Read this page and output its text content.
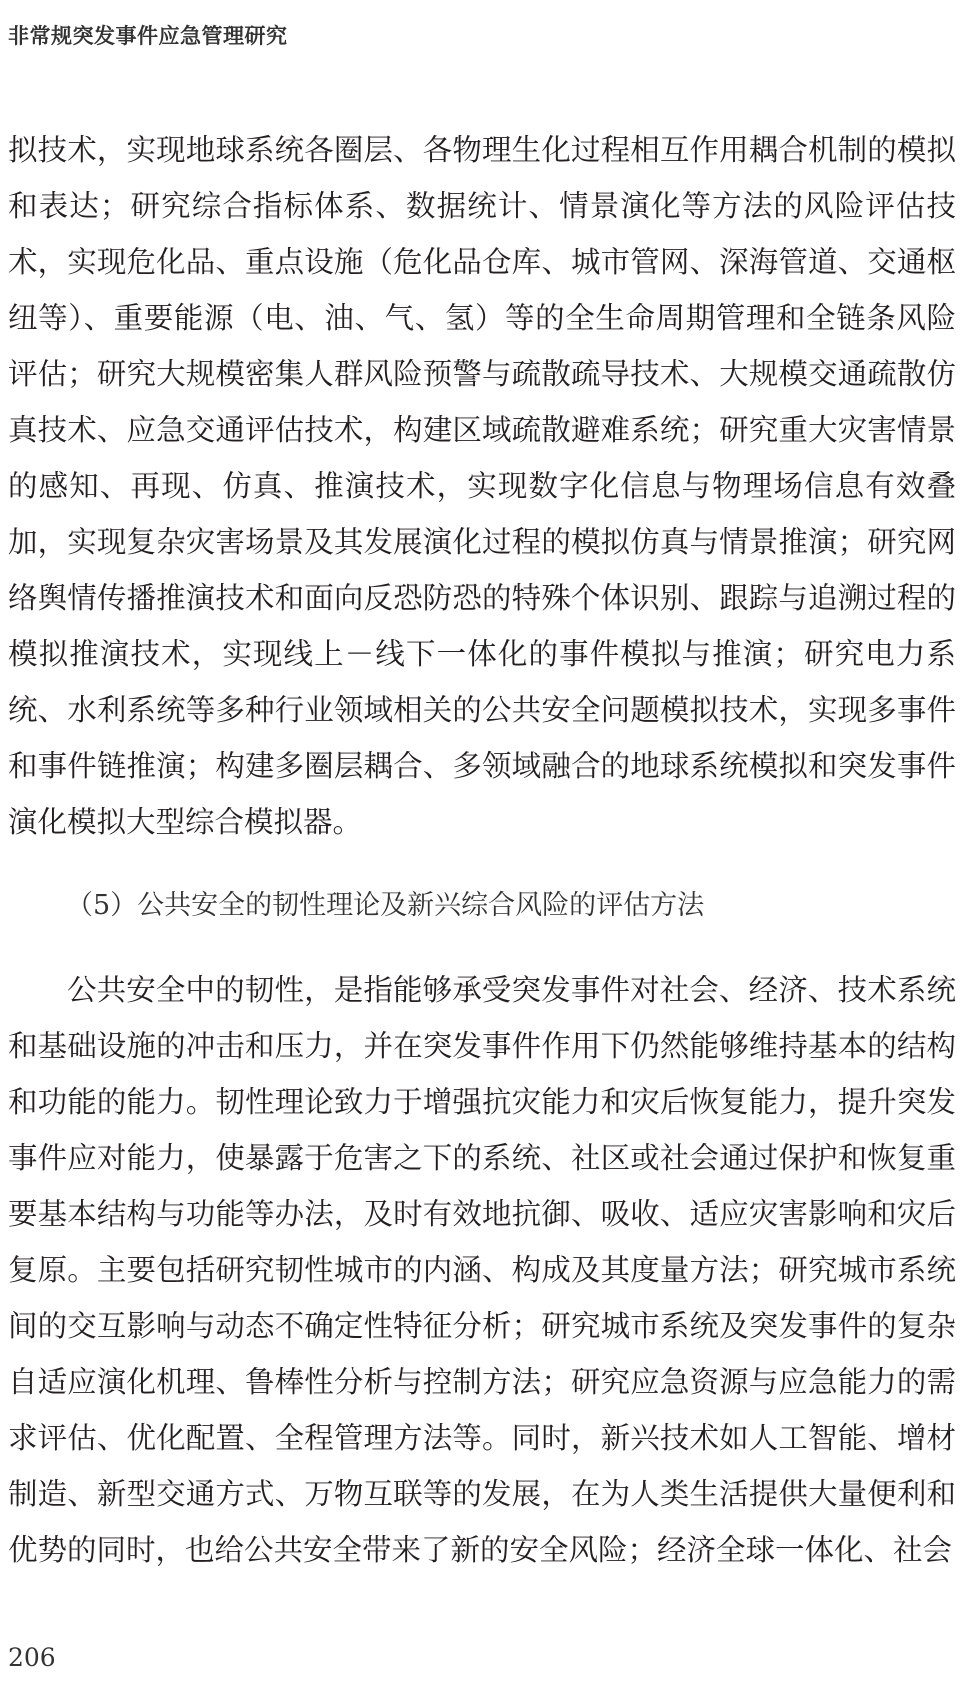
非常规突发事件应急管理研究

拟技术，实现地球系统各圈层、各物理生化过程相互作用耦合机制的模拟和表达；研究综合指标体系、数据统计、情景演化等方法的风险评估技术，实现危化品、重点设施（危化品仓库、城市管网、深海管道、交通枢纽等）、重要能源（电、油、气、氢）等的全生命周期管理和全链条风险评估；研究大规模密集人群风险预警与疏散疏导技术、大规模交通疏散仿真技术、应急交通评估技术，构建区域疏散避难系统；研究重大灾害情景的感知、再现、仿真、推演技术，实现数字化信息与物理场信息有效叠加，实现复杂灾害场景及其发展演化过程的模拟仿真与情景推演；研究网络舆情传播推演技术和面向反恐防恐的特殊个体识别、跟踪与追溯过程的模拟推演技术，实现线上－线下一体化的事件模拟与推演；研究电力系统、水利系统等多种行业领域相关的公共安全问题模拟技术，实现多事件和事件链推演；构建多圈层耦合、多领域融合的地球系统模拟和突发事件演化模拟大型综合模拟器。

（5）公共安全的韧性理论及新兴综合风险的评估方法

公共安全中的韧性，是指能够承受突发事件对社会、经济、技术系统和基础设施的冲击和压力，并在突发事件作用下仍然能够维持基本的结构和功能的能力。韧性理论致力于增强抗灾能力和灾后恢复能力，提升突发事件应对能力，使暴露于危害之下的系统、社区或社会通过保护和恢复重要基本结构与功能等办法，及时有效地抗御、吸收、适应灾害影响和灾后复原。主要包括研究韧性城市的内涵、构成及其度量方法；研究城市系统间的交互影响与动态不确定性特征分析；研究城市系统及突发事件的复杂自适应演化机理、鲁棒性分析与控制方法；研究应急资源与应急能力的需求评估、优化配置、全程管理方法等。同时，新兴技术如人工智能、增材制造、新型交通方式、万物互联等的发展，在为人类生活提供大量便利和优势的同时，也给公共安全带来了新的安全风险；经济全球一体化、社会

206
